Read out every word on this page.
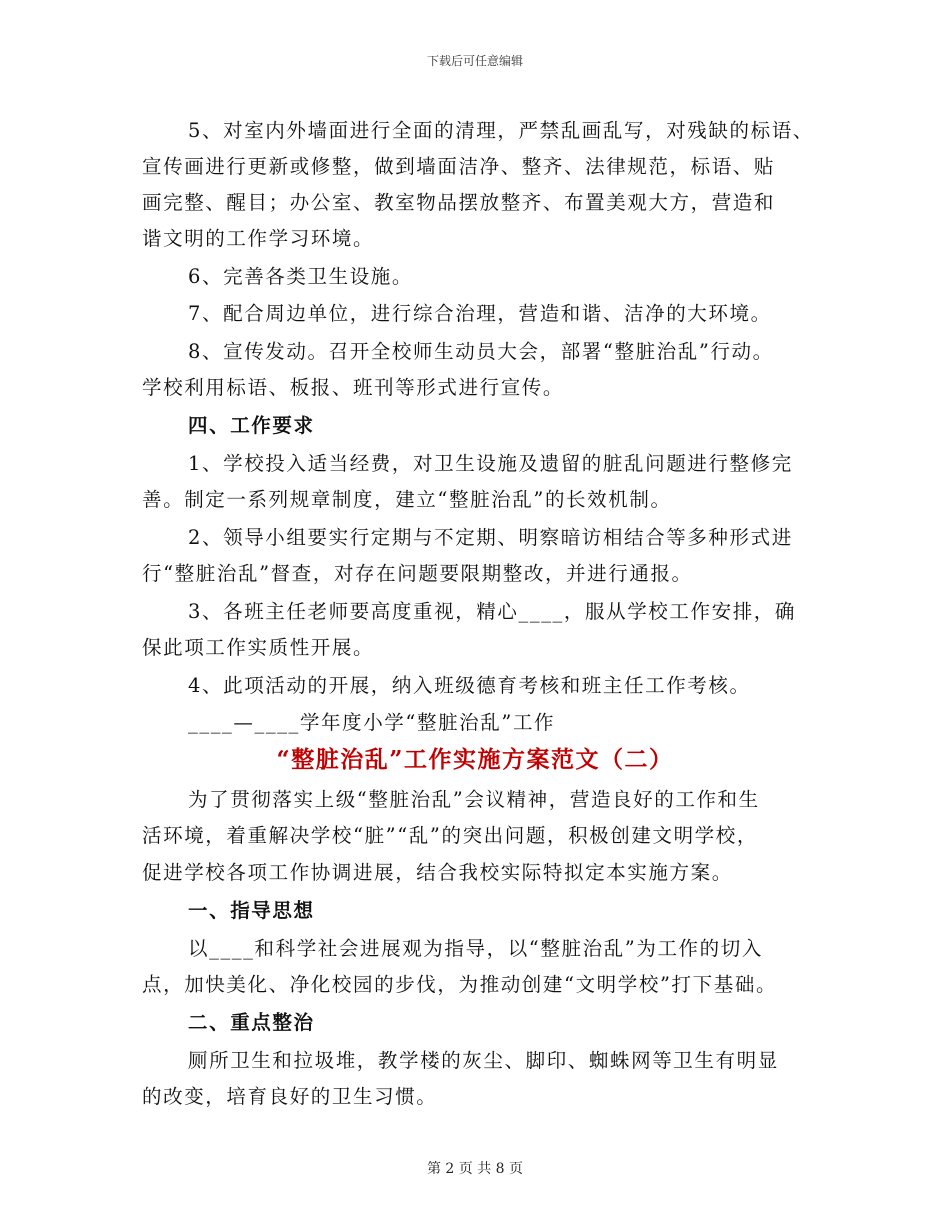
下载后可任意编辑
5、对室内外墙面进行全面的清理，严禁乱画乱写，对残缺的标语、
宣传画进行更新或修整，做到墙面洁净、整齐、法律规范，标语、贴
画完整、醒目；办公室、教室物品摆放整齐、布置美观大方，营造和
谐文明的工作学习环境。
6、完善各类卫生设施。
7、配合周边单位，进行综合治理，营造和谐、洁净的大环境。
8、宣传发动。召开全校师生动员大会，部署“整脏治乱”行动。
学校利用标语、板报、班刊等形式进行宣传。
四、工作要求
1、学校投入适当经费，对卫生设施及遗留的脏乱问题进行整修完
善。制定一系列规章制度，建立“整脏治乱”的长效机制。
2、领导小组要实行定期与不定期、明察暗访相结合等多种形式进
行“整脏治乱”督查，对存在问题要限期整改，并进行通报。
3、各班主任老师要高度重视，精心____，服从学校工作安排，确
保此项工作实质性开展。
4、此项活动的开展，纳入班级德育考核和班主任工作考核。
____—____学年度小学“整脏治乱”工作
“整脏治乱”工作实施方案范文（二）
为了贯彻落实上级“整脏治乱”会议精神，营造良好的工作和生
活环境，着重解决学校“脏”“乱”的突出问题，积极创建文明学校，
促进学校各项工作协调进展，结合我校实际特拟定本实施方案。
一、指导思想
以____和科学社会进展观为指导，以“整脏治乱”为工作的切入
点，加快美化、净化校园的步伐，为推动创建“文明学校”打下基础。
二、重点整治
厕所卫生和拉圾堆，教学楼的灰尘、脚印、蜘蛛网等卫生有明显
的改变，培育良好的卫生习惯。
第 2 页 共 8 页
